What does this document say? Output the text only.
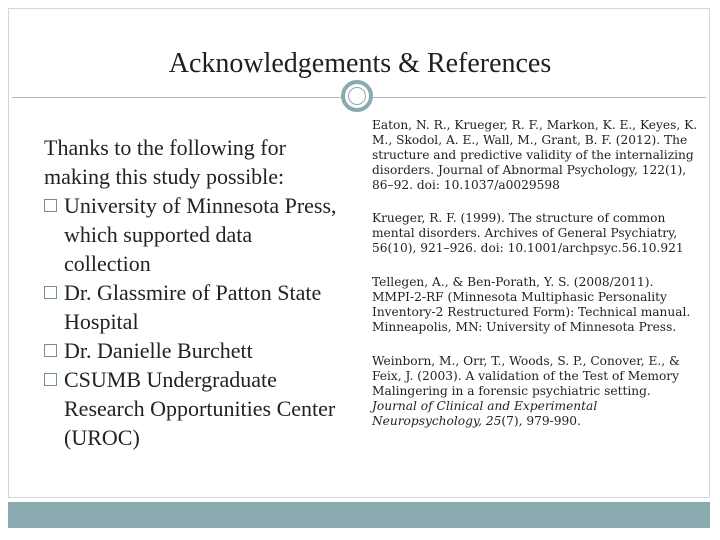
Acknowledgements & References

Thanks to the following for making this study possible:

University of Minnesota Press, which supported data collection
Dr. Glassmire of Patton State Hospital
Dr. Danielle Burchett
CSUMB Undergraduate Research Opportunities Center (UROC)

Eaton, N. R., Krueger, R. F., Markon, K. E., Keyes, K. M., Skodol, A. E., Wall, M., Grant, B. F. (2012). The structure and predictive validity of the internalizing disorders. Journal of Abnormal Psychology, 122(1), 86–92. doi: 10.1037/a0029598

Krueger, R. F. (1999). The structure of common mental disorders. Archives of General Psychiatry, 56(10), 921–926. doi: 10.1001/archpsyc.56.10.921

Tellegen, A., & Ben-Porath, Y. S. (2008/2011). MMPI-2-RF (Minnesota Multiphasic Personality Inventory-2 Restructured Form): Technical manual. Minneapolis, MN: University of Minnesota Press.

Weinborn, M., Orr, T., Woods, S. P., Conover, E., & Feix, J. (2003). A validation of the Test of Memory Malingering in a forensic psychiatric setting. Journal of Clinical and Experimental Neuropsychology, 25(7), 979-990.
